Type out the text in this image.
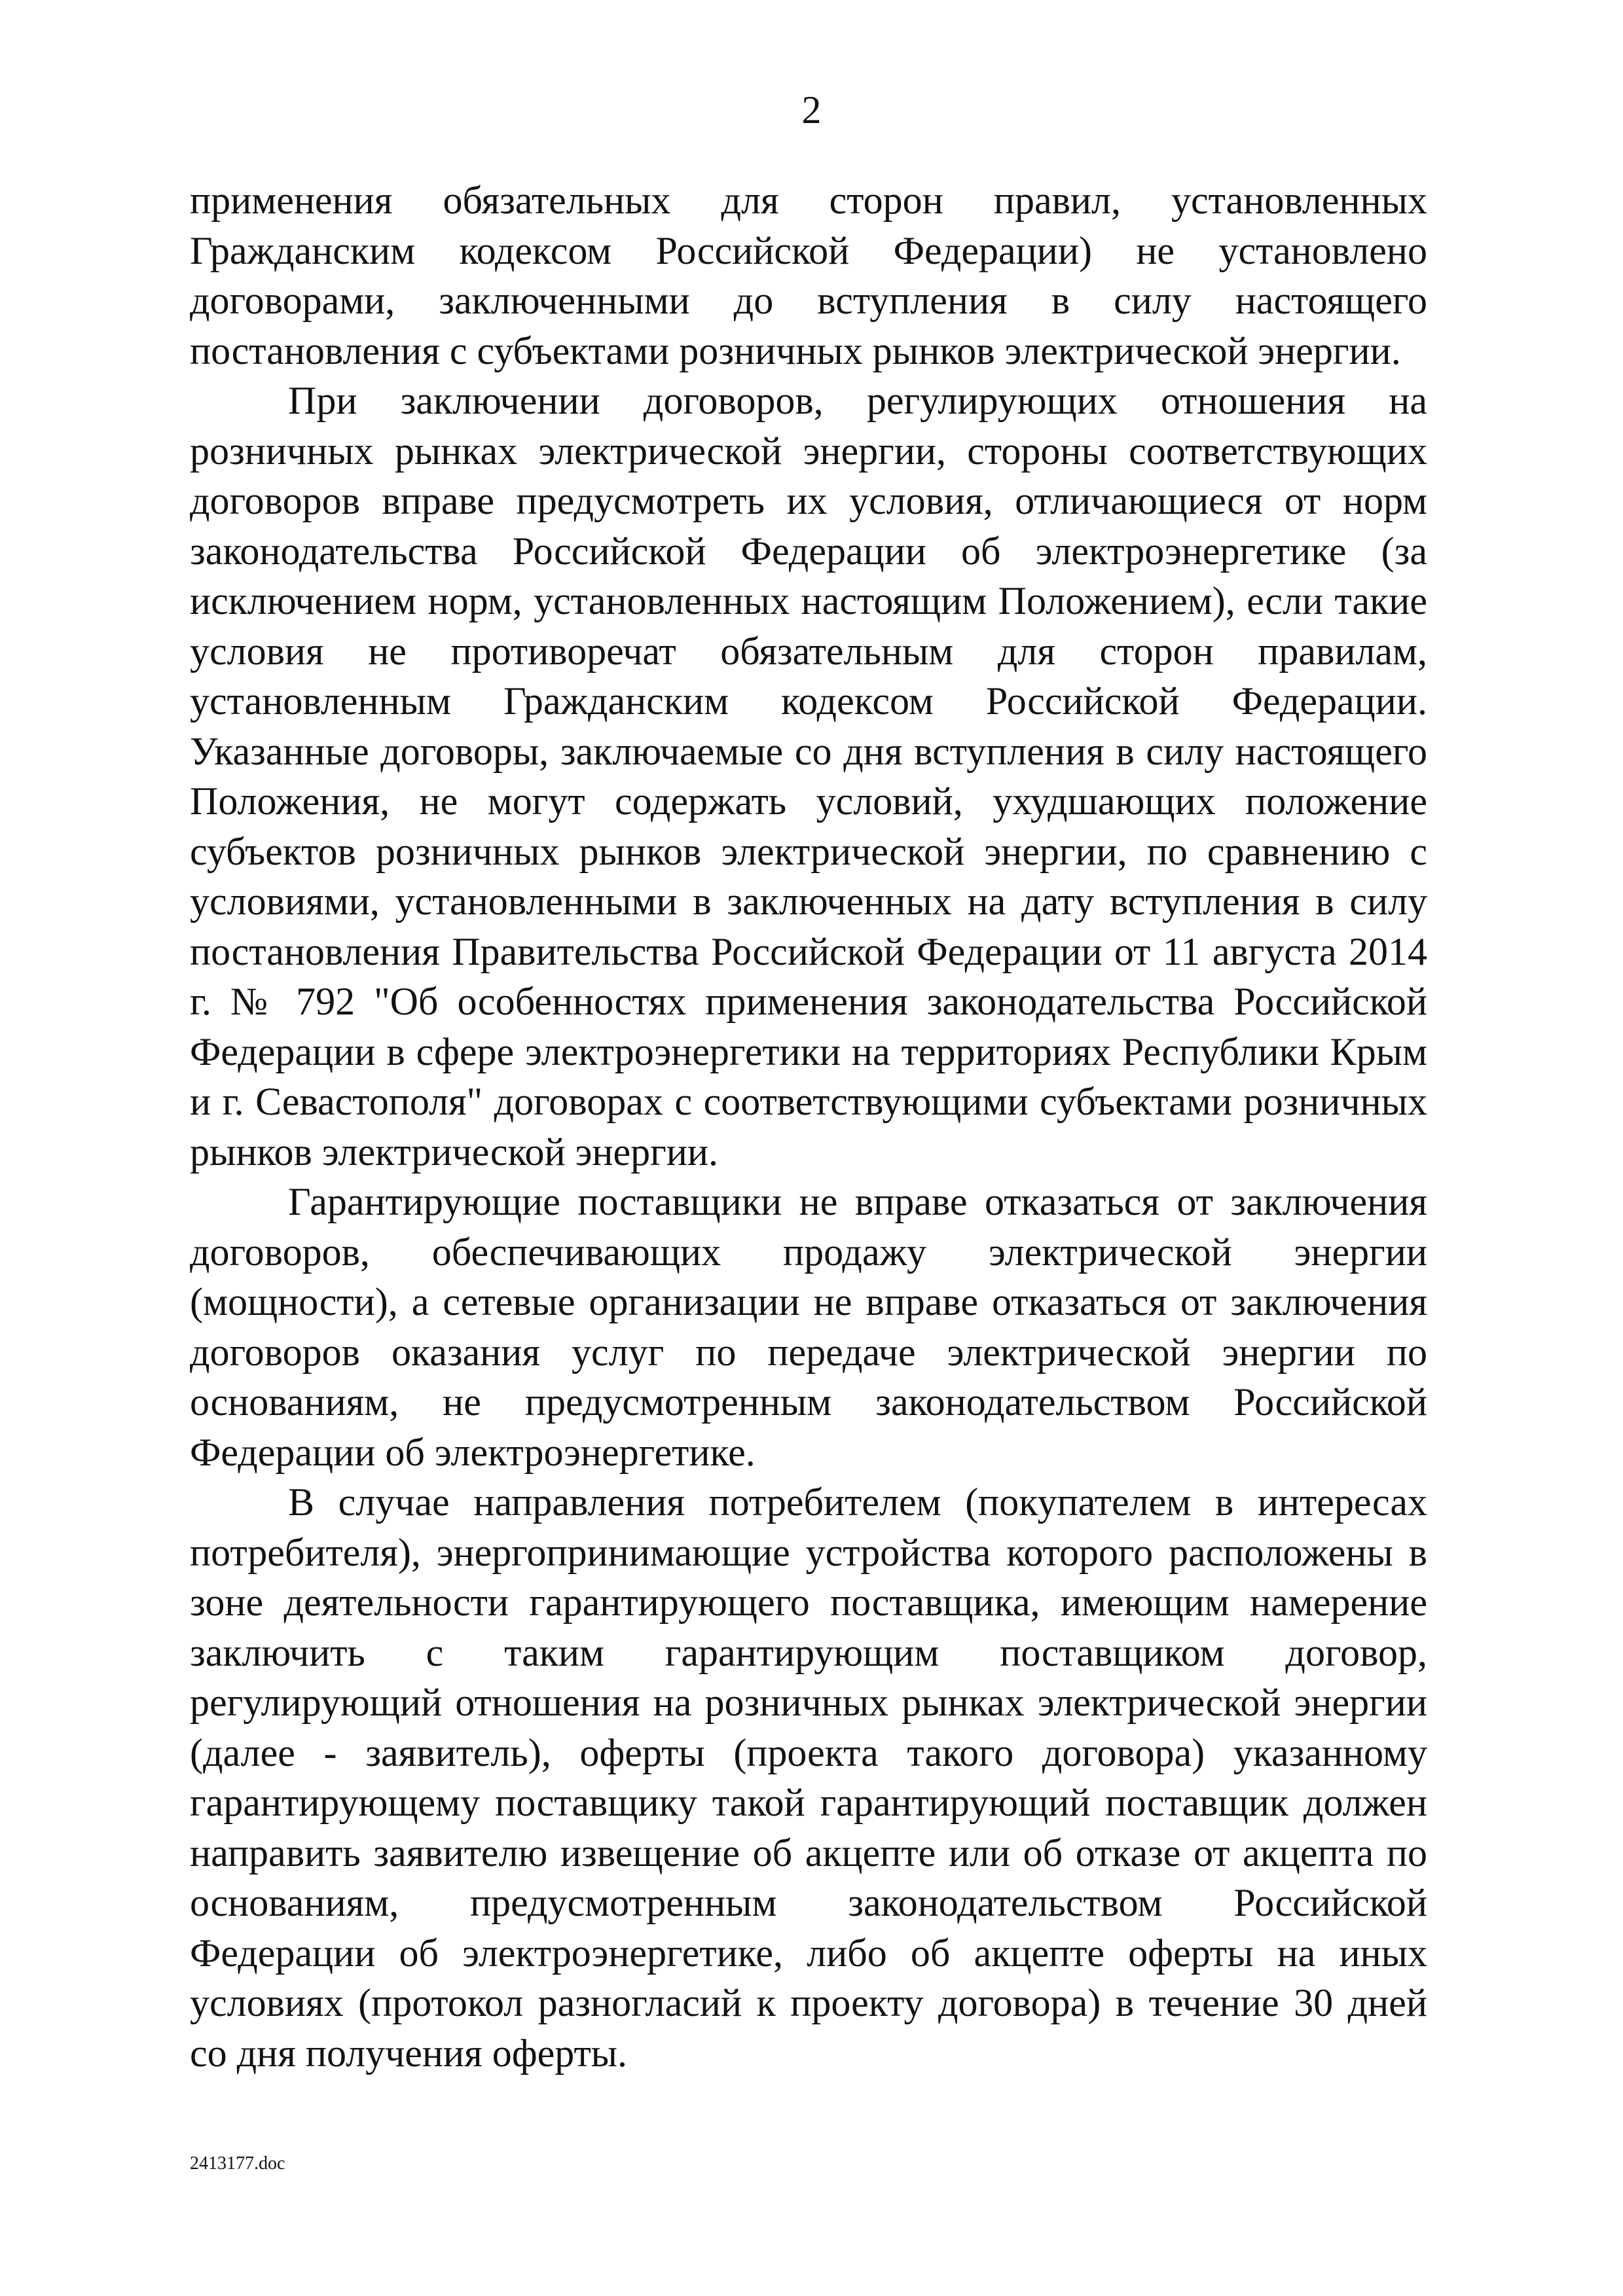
2

применения обязательных для сторон правил, установленных Гражданским кодексом Российской Федерации) не установлено договорами, заключенными до вступления в силу настоящего постановления с субъектами розничных рынков электрической энергии.

При заключении договоров, регулирующих отношения на розничных рынках электрической энергии, стороны соответствующих договоров вправе предусмотреть их условия, отличающиеся от норм законодательства Российской Федерации об электроэнергетике (за исключением норм, установленных настоящим Положением), если такие условия не противоречат обязательным для сторон правилам, установленным Гражданским кодексом Российской Федерации. Указанные договоры, заключаемые со дня вступления в силу настоящего Положения, не могут содержать условий, ухудшающих положение субъектов розничных рынков электрической энергии, по сравнению с условиями, установленными в заключенных на дату вступления в силу постановления Правительства Российской Федерации от 11 августа 2014 г. № 792 "Об особенностях применения законодательства Российской Федерации в сфере электроэнергетики на территориях Республики Крым и г. Севастополя" договорах с соответствующими субъектами розничных рынков электрической энергии.

Гарантирующие поставщики не вправе отказаться от заключения договоров, обеспечивающих продажу электрической энергии (мощности), а сетевые организации не вправе отказаться от заключения договоров оказания услуг по передаче электрической энергии по основаниям, не предусмотренным законодательством Российской Федерации об электроэнергетике.

В случае направления потребителем (покупателем в интересах потребителя), энергопринимающие устройства которого расположены в зоне деятельности гарантирующего поставщика, имеющим намерение заключить с таким гарантирующим поставщиком договор, регулирующий отношения на розничных рынках электрической энергии (далее - заявитель), оферты (проекта такого договора) указанному гарантирующему поставщику такой гарантирующий поставщик должен направить заявителю извещение об акцепте или об отказе от акцепта по основаниям, предусмотренным законодательством Российской Федерации об электроэнергетике, либо об акцепте оферты на иных условиях (протокол разногласий к проекту договора) в течение 30 дней со дня получения оферты.

2413177.doc
